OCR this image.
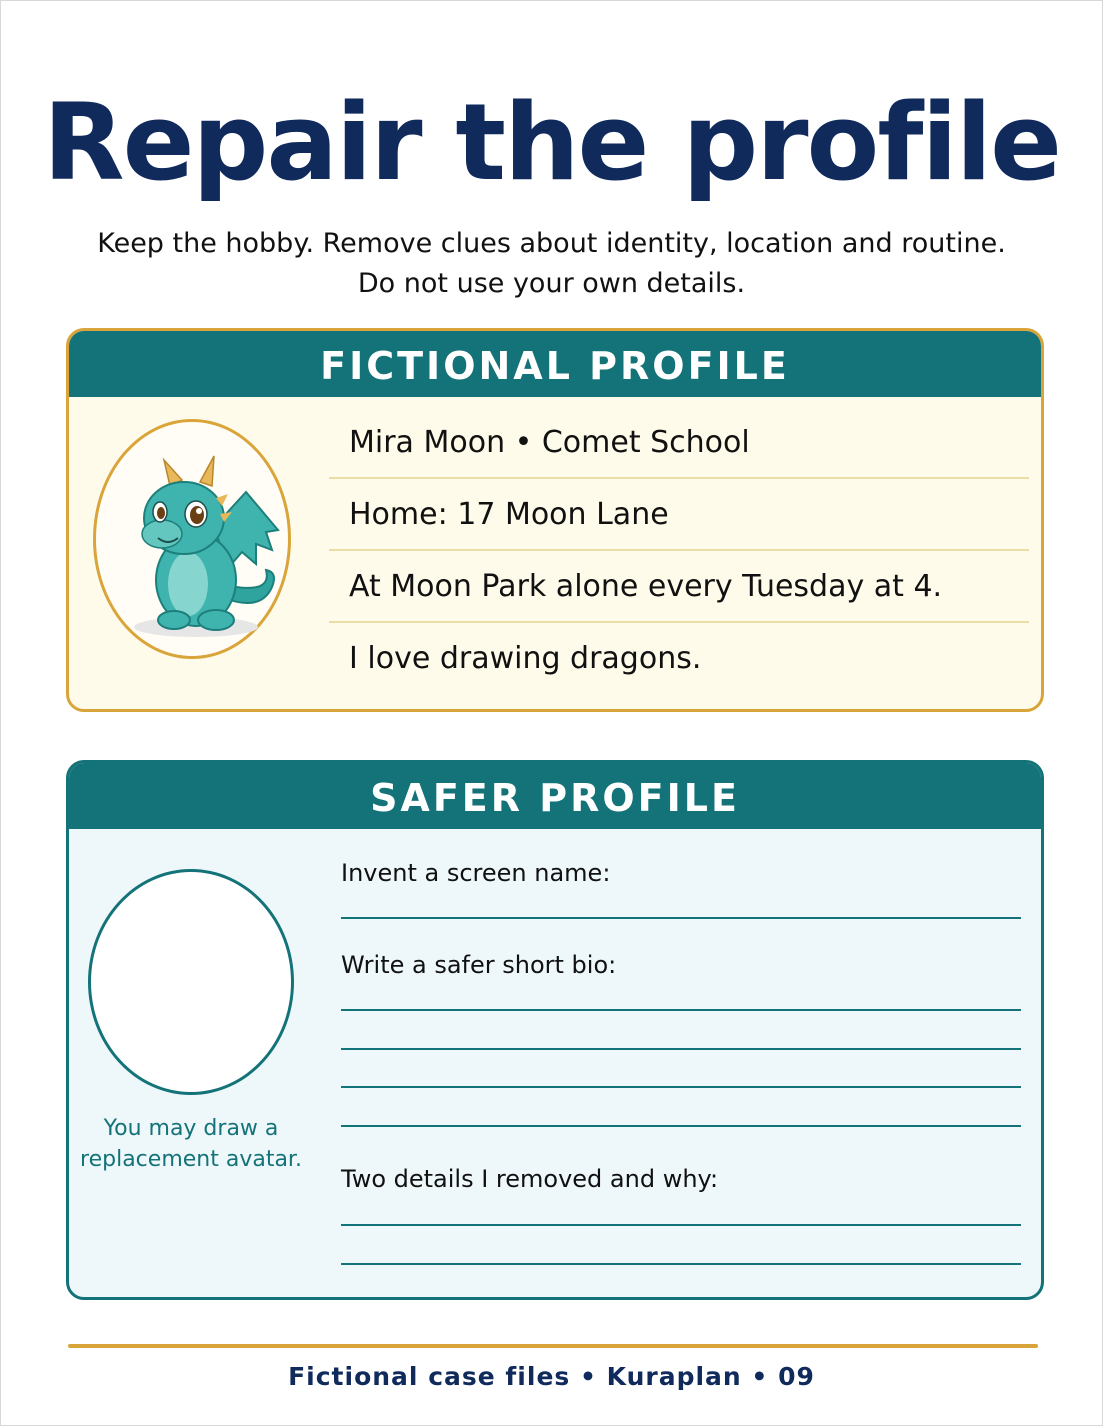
Repair the profile
Keep the hobby. Remove clues about identity, location and routine.
Do not use your own details.
FICTIONAL PROFILE
Mira Moon • Comet School
Home: 17 Moon Lane
At Moon Park alone every Tuesday at 4.
I love drawing dragons.
SAFER PROFILE
You may draw a
replacement avatar.
Invent a screen name:
Write a safer short bio:
Two details I removed and why:
Fictional case files • Kuraplan • 09
